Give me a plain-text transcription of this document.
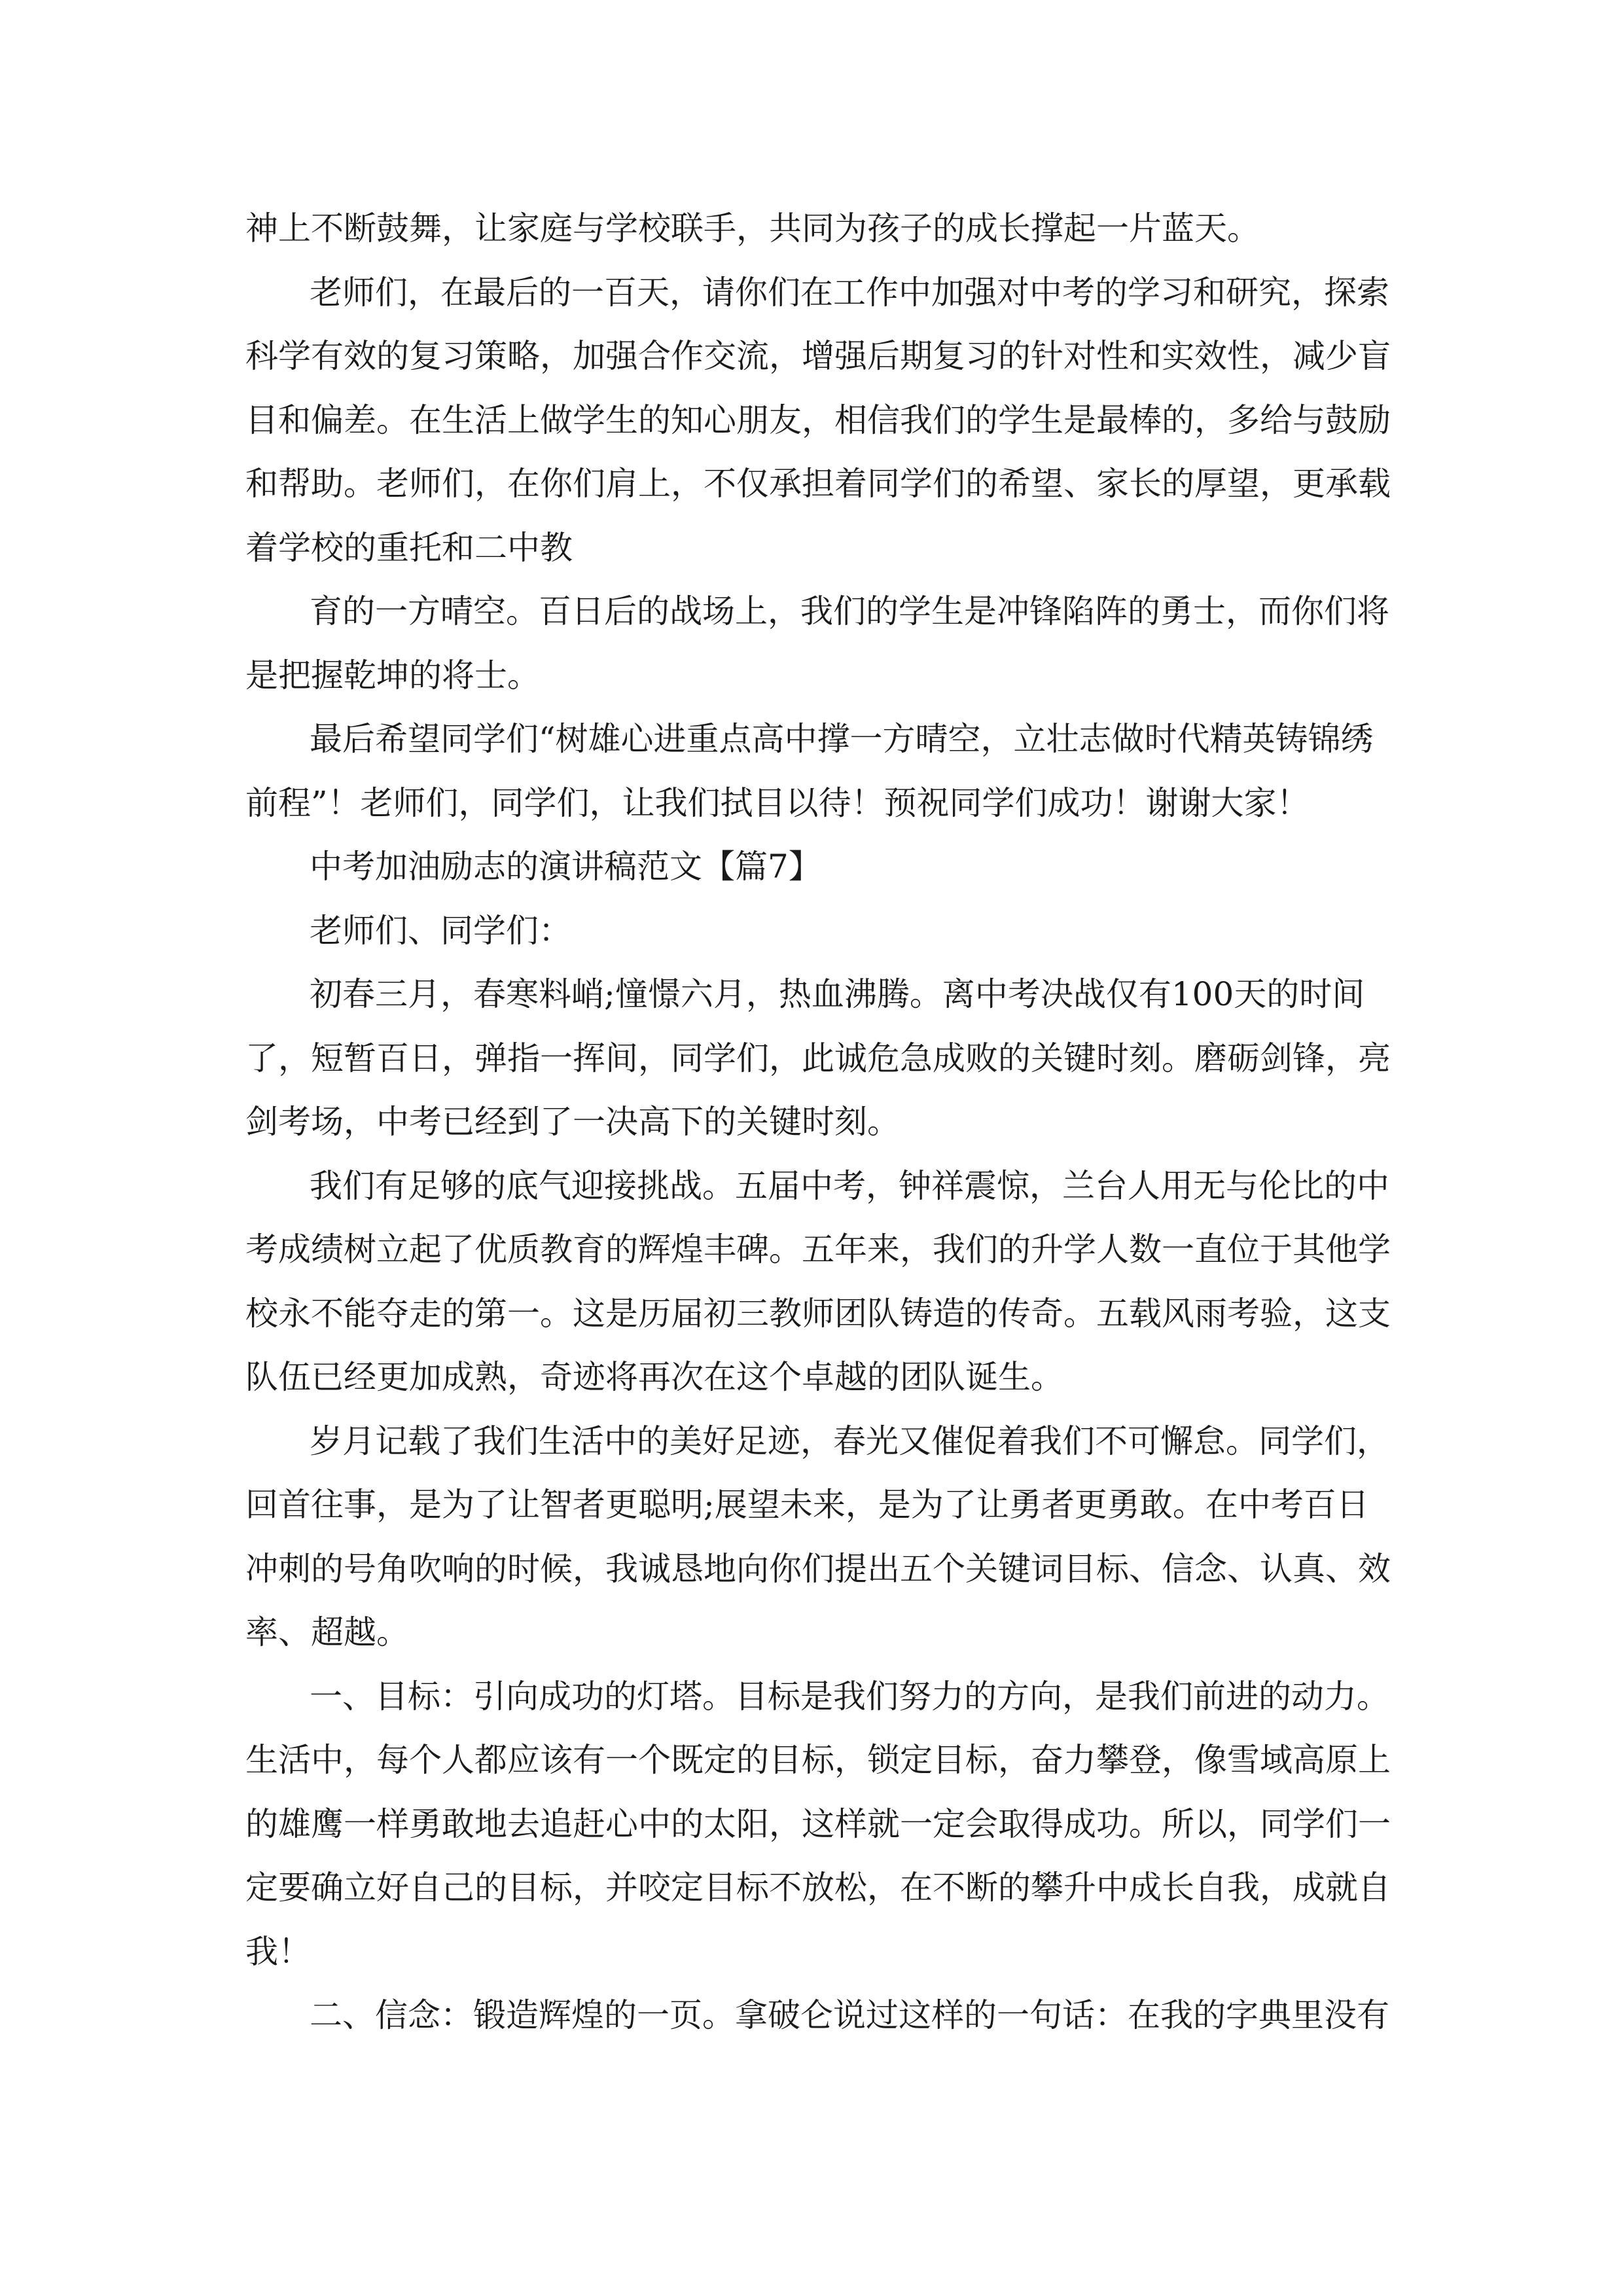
神上不断鼓舞，让家庭与学校联手，共同为孩子的成长撑起一片蓝天。
老师们，在最后的一百天，请你们在工作中加强对中考的学习和研究，探索
科学有效的复习策略，加强合作交流，增强后期复习的针对性和实效性，减少盲
目和偏差。在生活上做学生的知心朋友，相信我们的学生是最棒的，多给与鼓励
和帮助。老师们，在你们肩上，不仅承担着同学们的希望、家长的厚望，更承载
着学校的重托和二中教
育的一方晴空。百日后的战场上，我们的学生是冲锋陷阵的勇士，而你们将
是把握乾坤的将士。
最后希望同学们“树雄心进重点高中撑一方晴空，立壮志做时代精英铸锦绣
前程”！老师们，同学们，让我们拭目以待！预祝同学们成功！谢谢大家！
中考加油励志的演讲稿范文【篇7】
老师们、同学们：
初春三月，春寒料峭;憧憬六月，热血沸腾。离中考决战仅有100天的时间
了，短暂百日，弹指一挥间，同学们，此诚危急成败的关键时刻。磨砺剑锋，亮
剑考场，中考已经到了一决高下的关键时刻。
我们有足够的底气迎接挑战。五届中考，钟祥震惊，兰台人用无与伦比的中
考成绩树立起了优质教育的辉煌丰碑。五年来，我们的升学人数一直位于其他学
校永不能夺走的第一。这是历届初三教师团队铸造的传奇。五载风雨考验，这支
队伍已经更加成熟，奇迹将再次在这个卓越的团队诞生。
岁月记载了我们生活中的美好足迹，春光又催促着我们不可懈怠。同学们，
回首往事，是为了让智者更聪明;展望未来，是为了让勇者更勇敢。在中考百日
冲刺的号角吹响的时候，我诚恳地向你们提出五个关键词目标、信念、认真、效
率、超越。
一、目标：引向成功的灯塔。目标是我们努力的方向，是我们前进的动力。
生活中，每个人都应该有一个既定的目标，锁定目标，奋力攀登，像雪域高原上
的雄鹰一样勇敢地去追赶心中的太阳，这样就一定会取得成功。所以，同学们一
定要确立好自己的目标，并咬定目标不放松，在不断的攀升中成长自我，成就自
我！
二、信念：锻造辉煌的一页。拿破仑说过这样的一句话：在我的字典里没有
